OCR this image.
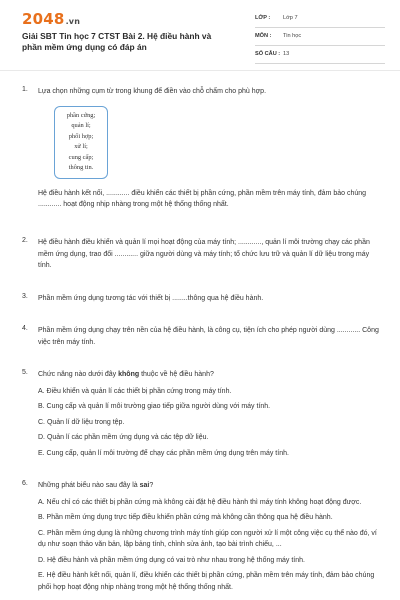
2048.vn
Giải SBT Tin học 7 CTST Bài 2. Hệ điều hành và phần mềm ứng dụng có đáp án
LỚP : Lớp 7
MÔN : Tin học
SỐ CÂU : 13
1. Lựa chọn những cụm từ trong khung để điền vào chỗ chấm cho phù hợp.
phần cứng;
quản lí;
phối hợp;
xử lí;
cung cấp;
thông tin.
Hệ điều hành kết nối, ............ điều khiển các thiết bị phần cứng, phần mềm trên máy tính, đảm bảo chúng ............ hoạt động nhịp nhàng trong một hệ thống thống nhất.
2. Hệ điều hành điều khiển và quản lí mọi hoạt động của máy tính; ............, quản lí môi trường chạy các phần mềm ứng dụng, trao đổi ............ giữa người dùng và máy tính; tổ chức lưu trữ và quản lí dữ liệu trong máy tính.
3. Phần mềm ứng dụng tương tác với thiết bị ........thông qua hệ điều hành.
4. Phần mềm ứng dụng chạy trên nền của hệ điều hành, là công cụ, tiện ích cho phép người dùng ............ Công việc trên máy tính.
5. Chức năng nào dưới đây không thuộc về hệ điều hành?
A. Điều khiển và quản lí các thiết bị phần cứng trong máy tính.
B. Cung cấp và quản lí môi trường giao tiếp giữa người dùng với máy tính.
C. Quản lí dữ liệu trong tệp.
D. Quản lí các phần mềm ứng dụng và các tệp dữ liệu.
E. Cung cấp, quản lí môi trường để chạy các phần mềm ứng dụng trên máy tính.
6. Những phát biểu nào sau đây là sai?
A. Nếu chỉ có các thiết bị phần cứng mà không cài đặt hệ điều hành thì máy tính không hoạt động được.
B. Phần mềm ứng dụng trực tiếp điều khiển phần cứng mà không cần thông qua hệ điều hành.
C. Phần mềm ứng dụng là những chương trình máy tính giúp con người xử lí một công việc cụ thể nào đó, ví dụ như soạn thảo văn bản, lập bảng tính, chỉnh sửa ảnh, tạo bài trình chiếu, ...
D. Hệ điều hành và phần mềm ứng dụng có vai trò như nhau trong hệ thống máy tính.
E. Hệ điều hành kết nối, quản lí, điều khiển các thiết bị phần cứng, phần mềm trên máy tính, đảm bảo chúng phối hợp hoạt động nhịp nhàng trong một hệ thống thống nhất.
